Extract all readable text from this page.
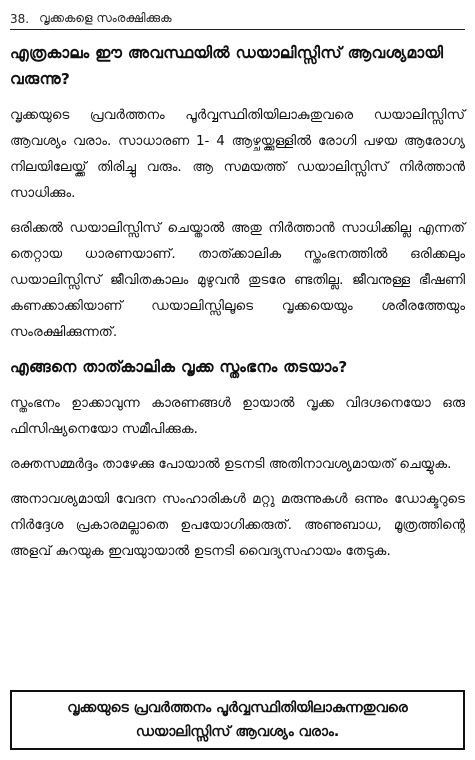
38. വൃക്കകളെ സംരക്ഷിക്കുക
എത്രകാലം ഈ അവസ്ഥയിൽ ഡയാലിസ്സിസ് ആവശ്യമായി വരുന്നു?
വൃക്കയുടെ പ്രവർത്തനം പൂർവ്വസ്ഥിതിയിലാകുതുവരെ ഡയാലിസ്സിസ് ആവശ്യം വരാം. സാധാരണ 1- 4 ആഴ്ചയ്ക്കുള്ളിൽ രോഗി പഴയ ആരോഗ്യ നിലയിലേയ്ക്ക് തിരിച്ചു വരും. ആ സമയത്ത് ഡയാലിസ്സിസ് നിർത്താൻ സാധിക്കും.
ഒരിക്കൽ ഡയാലിസ്സിസ് ചെയ്താൽ അതു നിർത്താൻ സാധിക്കില്ല എന്നത് തെറ്റായ ധാരണയാണ്. താത്ക്കാലിക സ്തംഭനത്തിൽ ഒരിക്കലും ഡയാലിസ്സിസ് ജീവിതകാലം മുഴുവൻ തുടരേ ണ്ടതില്ല. ജീവനുള്ള ഭീഷണി കണക്കാക്കിയാണ് ഡയാലിസ്സിലൂടെ വൃക്കയെയും ശരീരത്തേയും സംരക്ഷിക്കുന്നത്.
എങ്ങനെ താത്കാലിക വൃക്ക സ്തംഭനം തടയാം?
സ്തംഭനം ഉാക്കാവുന്ന കാരണങ്ങൾ ഉായാൽ വൃക്ക വിദഗ്ദനെയോ ഒരു ഫിസിഷ്യനെയോ സമീപിക്കുക.
രക്തസമ്മർദ്ദം താഴേക്കു പോയാൽ ഉടനടി അതിനാവശ്യമായത് ചെയ്യുക.
അനാവശ്യമായി വേദന സംഹാരികൾ മറ്റു മരുന്നുകൾ ഒന്നും ഡോക്ടറുടെ നിർദ്ദേശ പ്രകാരമല്ലാതെ ഉപയോഗിക്കരുത്. അണുബാധ, മൂത്രത്തിന്റെ അളവ് കുറയുക ഇവയുായാൽ ഉടനടി വൈദ്യസഹായം തേടുക.
വൃക്കയുടെ പ്രവർത്തനം പൂർവ്വസ്ഥിതിയിലാകുന്നതുവരെ ഡയാലിസ്സിസ് ആവശ്യം വരാം.
